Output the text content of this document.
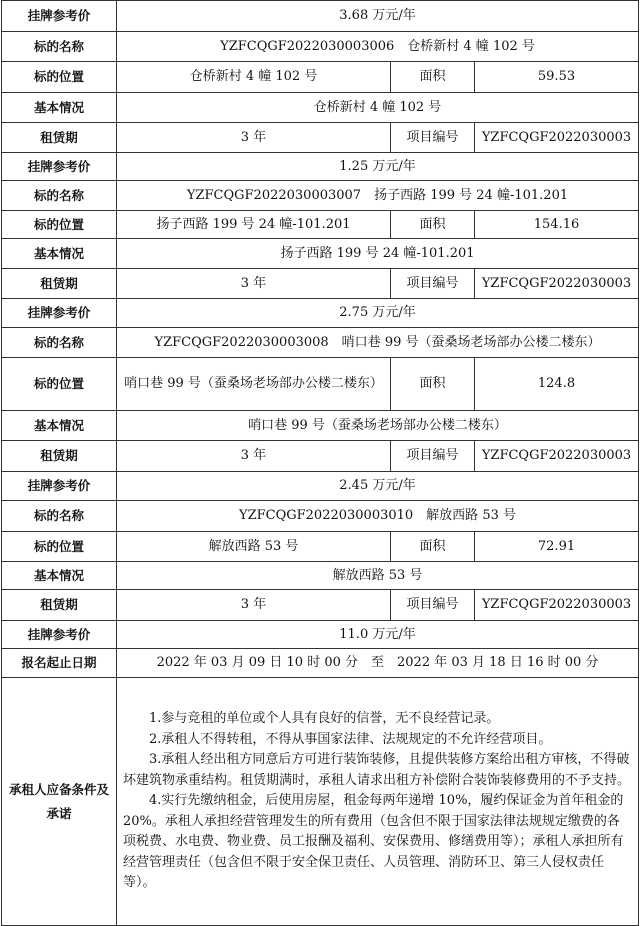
挂牌参考价	3.68 万元/年		
标的名称	YZFCQGF2022030003006　仓桥新村 4 幢 102 号		
标的位置	仓桥新村 4 幢 102 号	面积	59.53
基本情况	仓桥新村 4 幢 102 号		
租赁期	3 年	项目编号	YZFCQGF2022030003
挂牌参考价	1.25 万元/年		
标的名称	YZFCQGF2022030003007　扬子西路 199 号 24 幢-101.201		
标的位置	扬子西路 199 号 24 幢-101.201	面积	154.16
基本情况	扬子西路 199 号 24 幢-101.201		
租赁期	3 年	项目编号	YZFCQGF2022030003
挂牌参考价	2.75 万元/年		
标的名称	YZFCQGF2022030003008　哨口巷 99 号（蚕桑场老场部办公楼二楼东）		
标的位置	哨口巷 99 号（蚕桑场老场部办公楼二楼东）	面积	124.8
基本情况	哨口巷 99 号（蚕桑场老场部办公楼二楼东）		
租赁期	3 年	项目编号	YZFCQGF2022030003
挂牌参考价	2.45 万元/年		
标的名称	YZFCQGF2022030003010　解放西路 53 号		
标的位置	解放西路 53 号	面积	72.91
基本情况	解放西路 53 号		
租赁期	3 年	项目编号	YZFCQGF2022030003
挂牌参考价	11.0 万元/年		
报名起止日期	2022 年 03 月 09 日 10 时 00 分　至　2022 年 03 月 18 日 16 时 00 分		
承租人应备条件及承诺	1.参与竞租的单位或个人具有良好的信誉，无不良经营记录。
2.承租人不得转租，不得从事国家法律、法规规定的不允许经营项目。
3.承租人经出租方同意后方可进行装饰装修，且提供装修方案给出租方审核，不得破坏建筑物承重结构。租赁期满时，承租人请求出租方补偿附合装饰装修费用的不予支持。
4.实行先缴纳租金，后使用房屋，租金每两年递增 10%，履约保证金为首年租金的 20%。承租人承担经营管理发生的所有费用（包含但不限于国家法律法规规定缴费的各项税费、水电费、物业费、员工报酬及福利、安保费用、修缮费用等）；承租人承担所有经营管理责任（包含但不限于安全保卫责任、人员管理、消防环卫、第三人侵权责任等）。		
